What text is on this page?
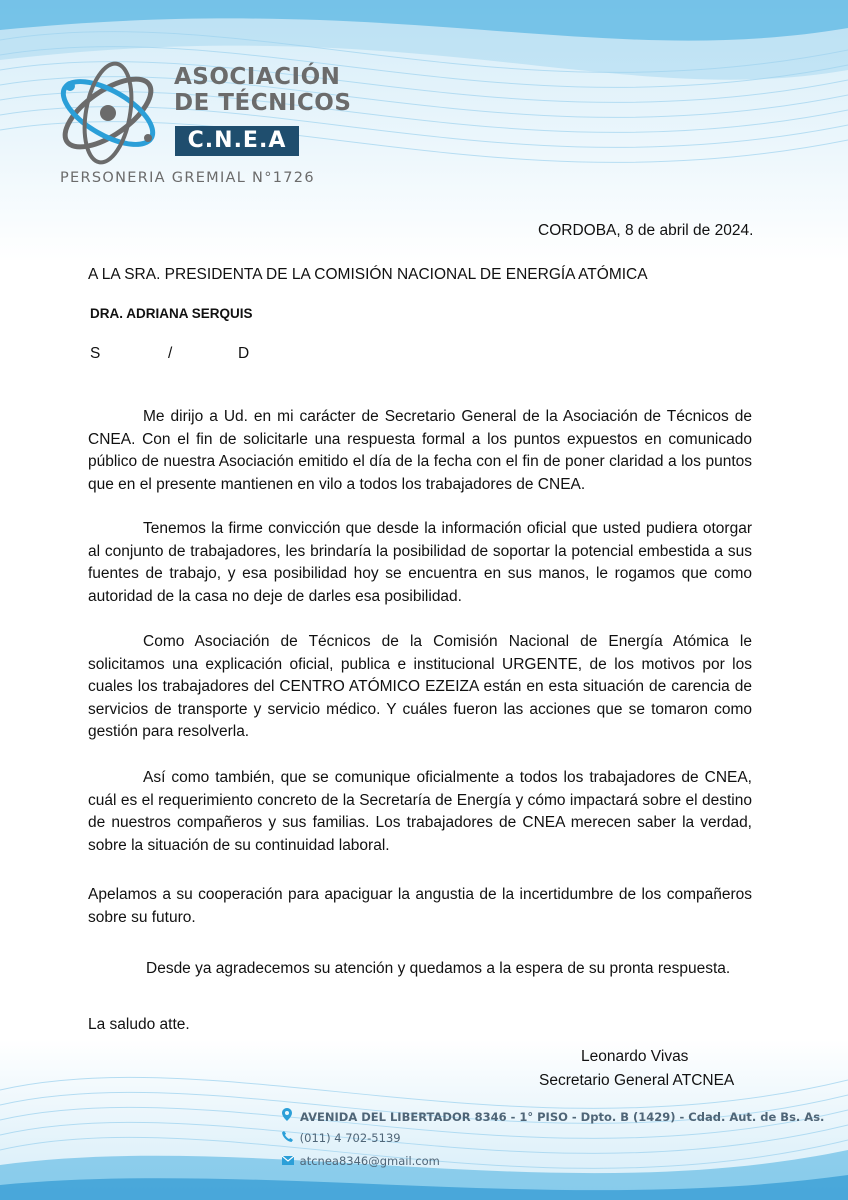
ASOCIACIÓN
DE TÉCNICOS

C.N.E.A
PERSONERIA GREMIAL N°1726
CORDOBA, 8 de abril de 2024.
A LA SRA. PRESIDENTA DE LA COMISIÓN NACIONAL DE ENERGÍA ATÓMICA
DRA. ADRIANA SERQUIS
S	/	D

Me dirijo a Ud. en mi carácter de Secretario General de la Asociación de Técnicos de CNEA. Con el fin de solicitarle una respuesta formal a los puntos expuestos en comunicado público de nuestra Asociación emitido el día de la fecha con el fin de poner claridad a los puntos que en el presente mantienen en vilo a todos los trabajadores de CNEA.

Tenemos la firme convicción que desde la información oficial que usted pudiera otorgar al conjunto de trabajadores, les brindaría la posibilidad de soportar la potencial embestida a sus fuentes de trabajo, y esa posibilidad hoy se encuentra en sus manos, le rogamos que como autoridad de la casa no deje de darles esa posibilidad.

Como Asociación de Técnicos de la Comisión Nacional de Energía Atómica le solicitamos una explicación oficial, publica e institucional URGENTE, de los motivos por los cuales los trabajadores del CENTRO ATÓMICO EZEIZA están en esta situación de carencia de servicios de transporte y servicio médico. Y cuáles fueron las acciones que se tomaron como gestión para resolverla.

Así como también, que se comunique oficialmente a todos los trabajadores de CNEA, cuál es el requerimiento concreto de la Secretaría de Energía y cómo impactará sobre el destino de nuestros compañeros y sus familias. Los trabajadores de CNEA merecen saber la verdad, sobre la situación de su continuidad laboral.

Apelamos a su cooperación para apaciguar la angustia de la incertidumbre de los compañeros sobre su futuro.

Desde ya agradecemos su atención y quedamos a la espera de su pronta respuesta.

La saludo atte.
Leonardo Vivas
Secretario General ATCNEA
AVENIDA DEL LIBERTADOR 8346 - 1° PISO - Dpto. B (1429) - Cdad. Aut. de Bs. As.
(011) 4 702-5139
atcnea8346@gmail.com
